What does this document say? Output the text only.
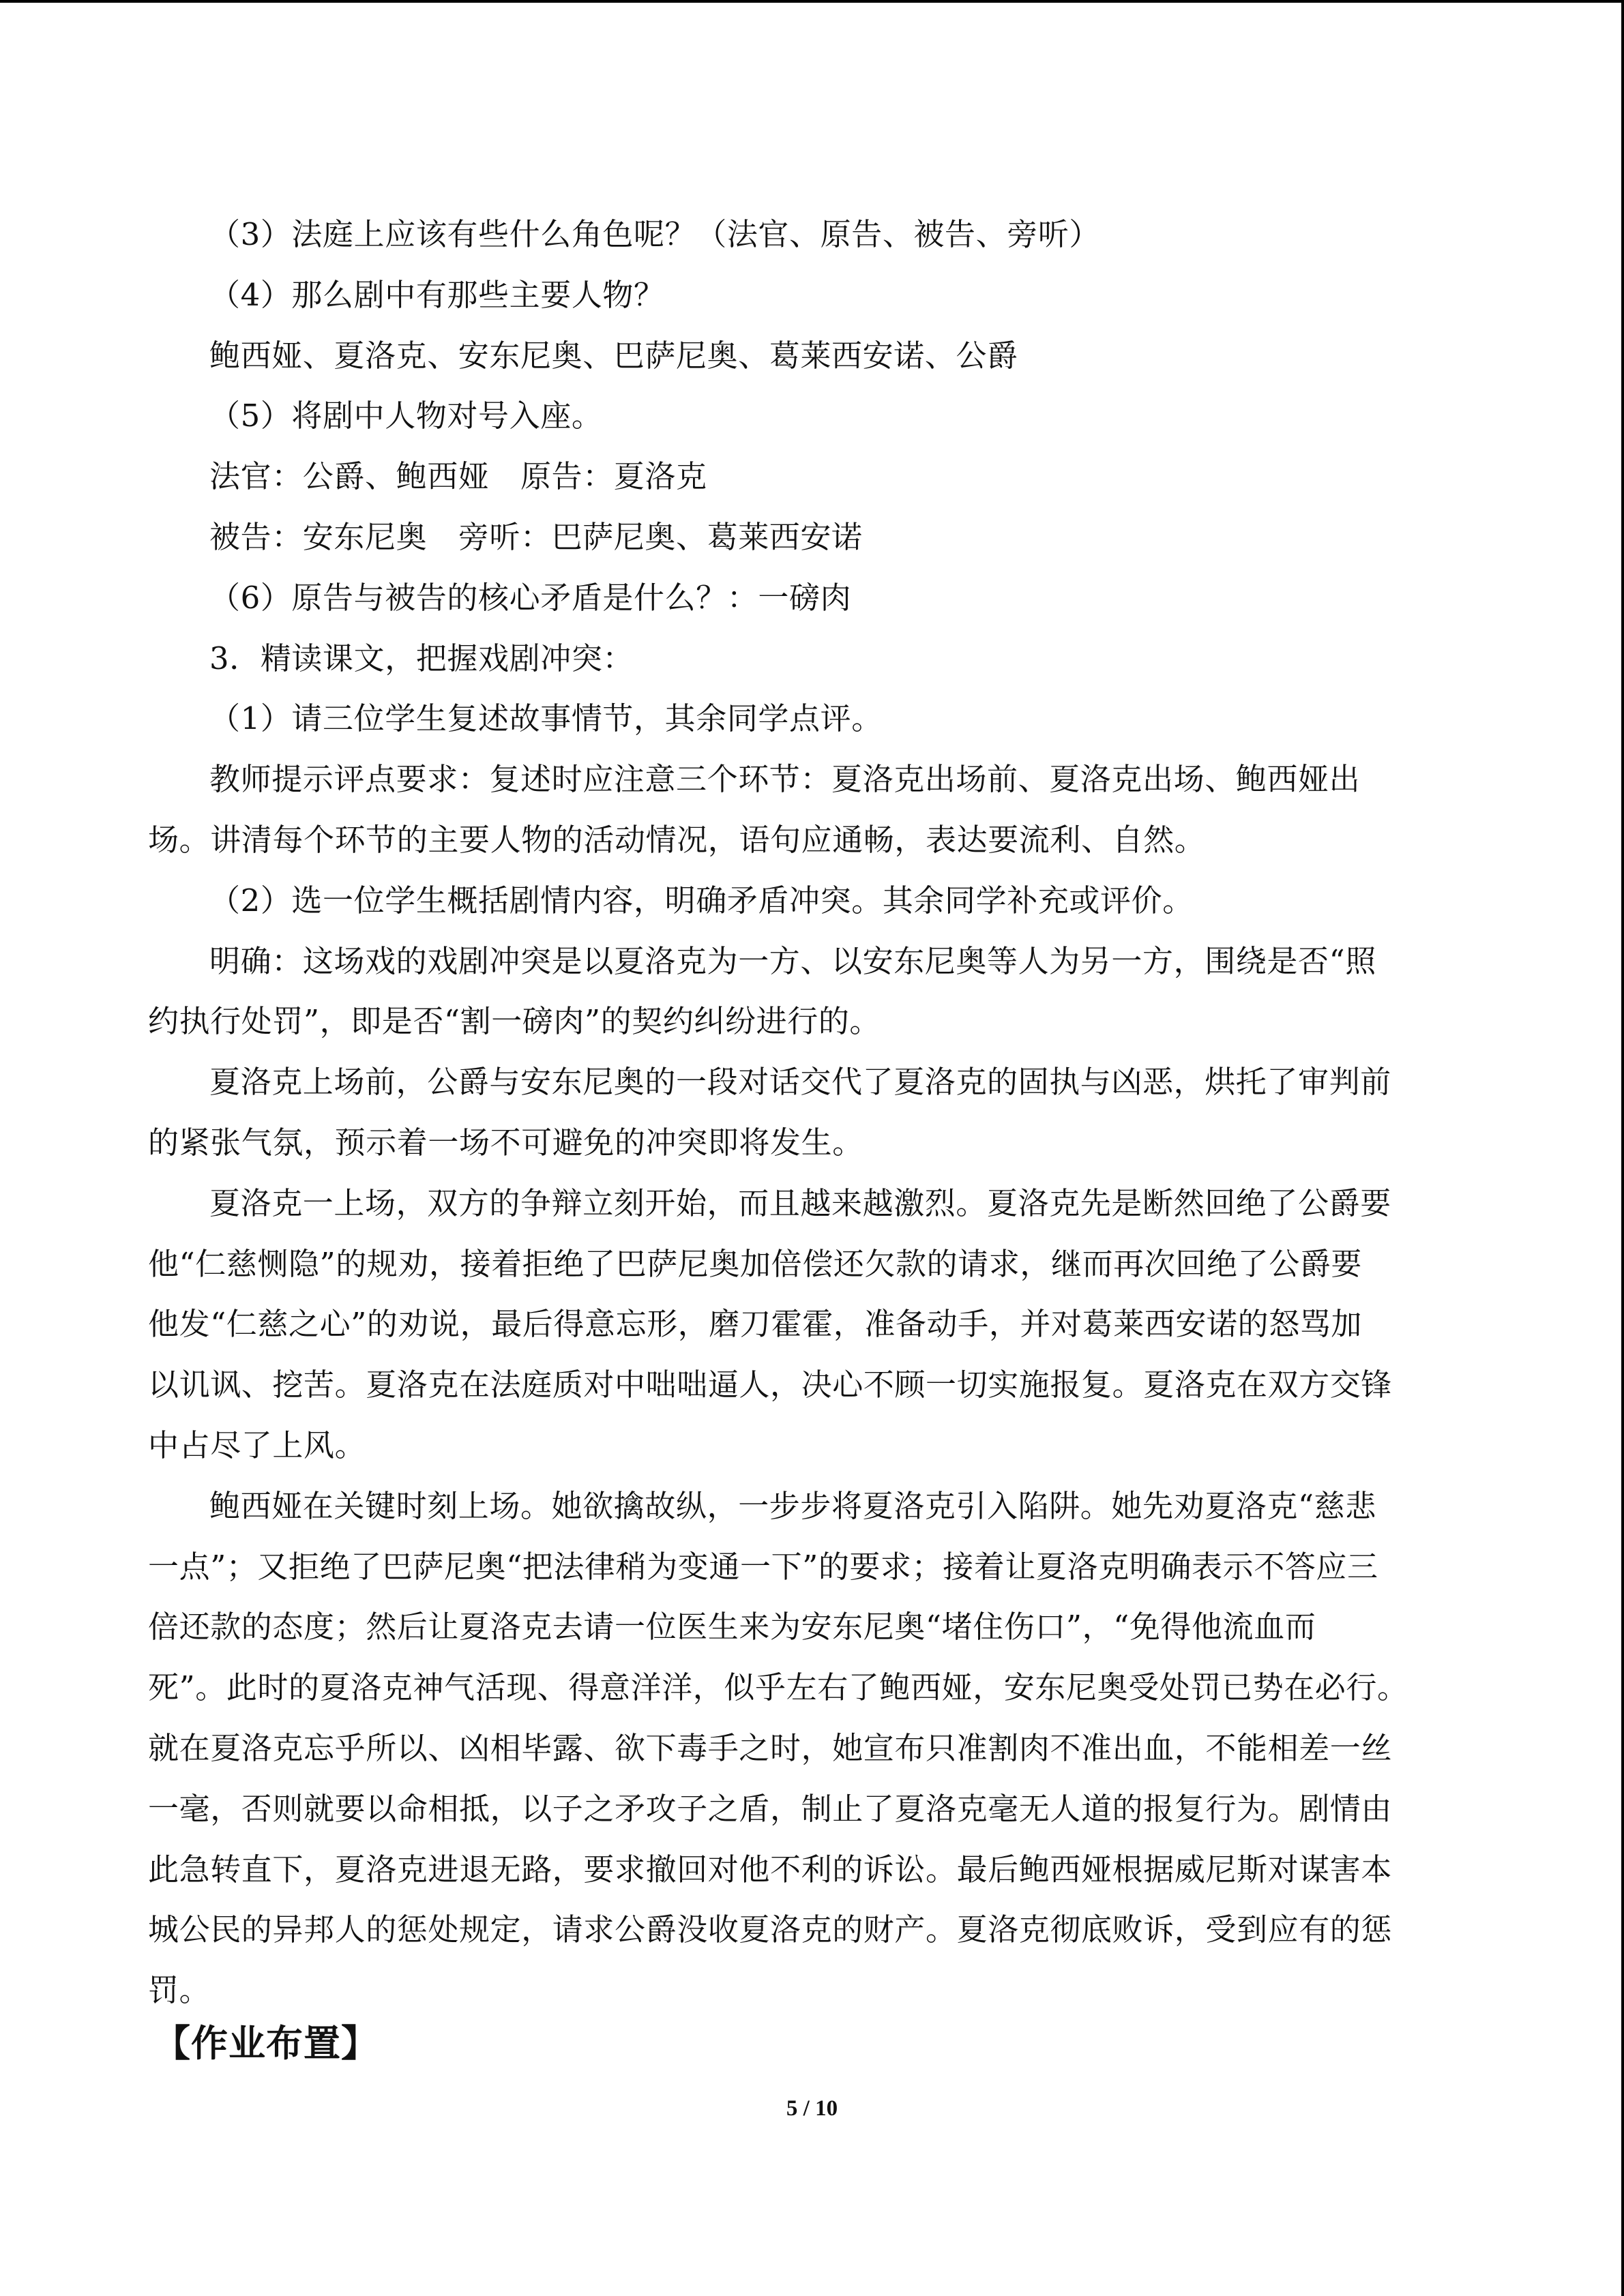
（3）法庭上应该有些什么角色呢？（法官、原告、被告、旁听）
（4）那么剧中有那些主要人物？
鲍西娅、夏洛克、安东尼奥、巴萨尼奥、葛莱西安诺、公爵
（5）将剧中人物对号入座。
法官：公爵、鲍西娅　原告：夏洛克
被告：安东尼奥　旁听：巴萨尼奥、葛莱西安诺
（6）原告与被告的核心矛盾是什么？：一磅肉
3．精读课文，把握戏剧冲突：
（1）请三位学生复述故事情节，其余同学点评。
教师提示评点要求：复述时应注意三个环节：夏洛克出场前、夏洛克出场、鲍西娅出
场。讲清每个环节的主要人物的活动情况，语句应通畅，表达要流利、自然。
（2）选一位学生概括剧情内容，明确矛盾冲突。其余同学补充或评价。
明确：这场戏的戏剧冲突是以夏洛克为一方、以安东尼奥等人为另一方，围绕是否“照
约执行处罚”，即是否“割一磅肉”的契约纠纷进行的。
夏洛克上场前，公爵与安东尼奥的一段对话交代了夏洛克的固执与凶恶，烘托了审判前
的紧张气氛，预示着一场不可避免的冲突即将发生。
夏洛克一上场，双方的争辩立刻开始，而且越来越激烈。夏洛克先是断然回绝了公爵要
他“仁慈恻隐”的规劝，接着拒绝了巴萨尼奥加倍偿还欠款的请求，继而再次回绝了公爵要
他发“仁慈之心”的劝说，最后得意忘形，磨刀霍霍，准备动手，并对葛莱西安诺的怒骂加
以讥讽、挖苦。夏洛克在法庭质对中咄咄逼人，决心不顾一切实施报复。夏洛克在双方交锋
中占尽了上风。
鲍西娅在关键时刻上场。她欲擒故纵，一步步将夏洛克引入陷阱。她先劝夏洛克“慈悲
一点”；又拒绝了巴萨尼奥“把法律稍为变通一下”的要求；接着让夏洛克明确表示不答应三
倍还款的态度；然后让夏洛克去请一位医生来为安东尼奥“堵住伤口”，“免得他流血而
死”。此时的夏洛克神气活现、得意洋洋，似乎左右了鲍西娅，安东尼奥受处罚已势在必行。
就在夏洛克忘乎所以、凶相毕露、欲下毒手之时，她宣布只准割肉不准出血，不能相差一丝
一毫，否则就要以命相抵，以子之矛攻子之盾，制止了夏洛克毫无人道的报复行为。剧情由
此急转直下，夏洛克进退无路，要求撤回对他不利的诉讼。最后鲍西娅根据威尼斯对谋害本
城公民的异邦人的惩处规定，请求公爵没收夏洛克的财产。夏洛克彻底败诉，受到应有的惩
罚。
【作业布置】
5 / 10
